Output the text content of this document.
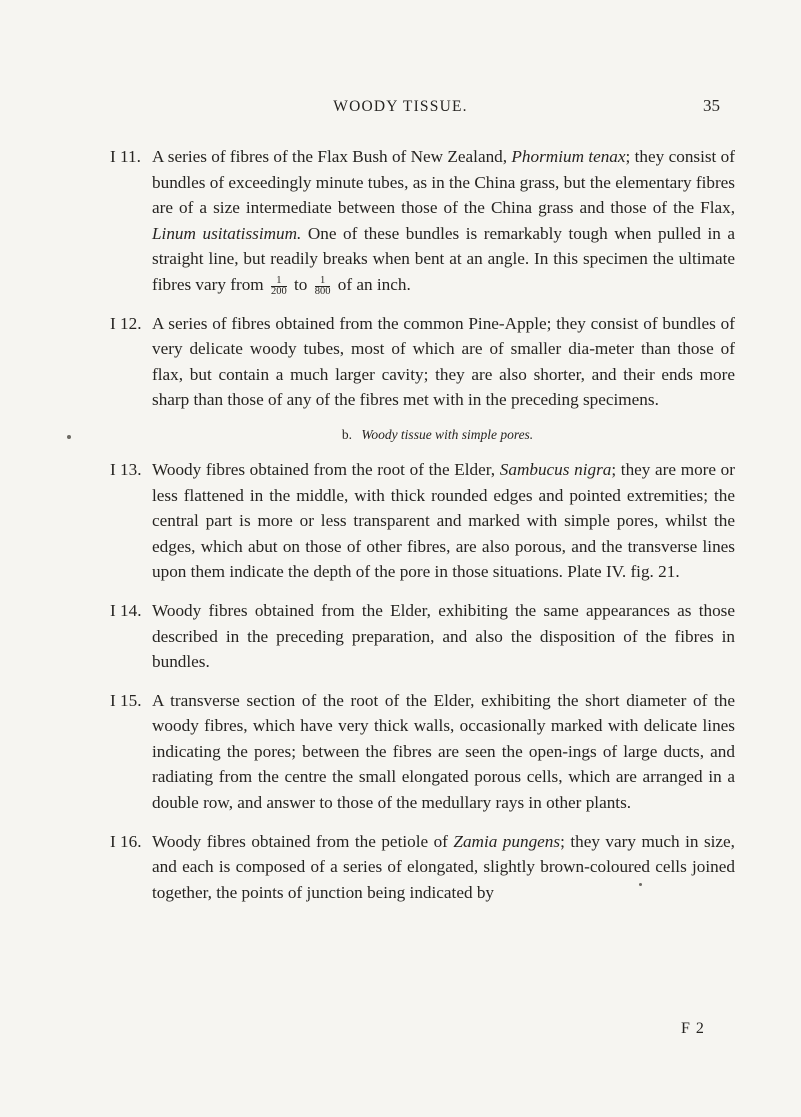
WOODY TISSUE.	35
I 11. A series of fibres of the Flax Bush of New Zealand, Phormium tenax; they consist of bundles of exceedingly minute tubes, as in the China grass, but the elementary fibres are of a size intermediate between those of the China grass and those of the Flax, Linum usitatissimum. One of these bundles is remarkably tough when pulled in a straight line, but readily breaks when bent at an angle. In this specimen the ultimate fibres vary from $\frac{1}{200}$ to $\frac{1}{800}$ of an inch.
I 12. A series of fibres obtained from the common Pine-Apple; they consist of bundles of very delicate woody tubes, most of which are of smaller dia-meter than those of flax, but contain a much larger cavity; they are also shorter, and their ends more sharp than those of any of the fibres met with in the preceding specimens.
b. Woody tissue with simple pores.
I 13. Woody fibres obtained from the root of the Elder, Sambucus nigra; they are more or less flattened in the middle, with thick rounded edges and pointed extremities; the central part is more or less transparent and marked with simple pores, whilst the edges, which abut on those of other fibres, are also porous, and the transverse lines upon them indicate the depth of the pore in those situations. Plate IV. fig. 21.
I 14. Woody fibres obtained from the Elder, exhibiting the same appearances as those described in the preceding preparation, and also the disposition of the fibres in bundles.
I 15. A transverse section of the root of the Elder, exhibiting the short diameter of the woody fibres, which have very thick walls, occasionally marked with delicate lines indicating the pores; between the fibres are seen the open-ings of large ducts, and radiating from the centre the small elongated porous cells, which are arranged in a double row, and answer to those of the medullary rays in other plants.
I 16. Woody fibres obtained from the petiole of Zamia pungens; they vary much in size, and each is composed of a series of elongated, slightly brown-coloured cells joined together, the points of junction being indicated by
F 2
